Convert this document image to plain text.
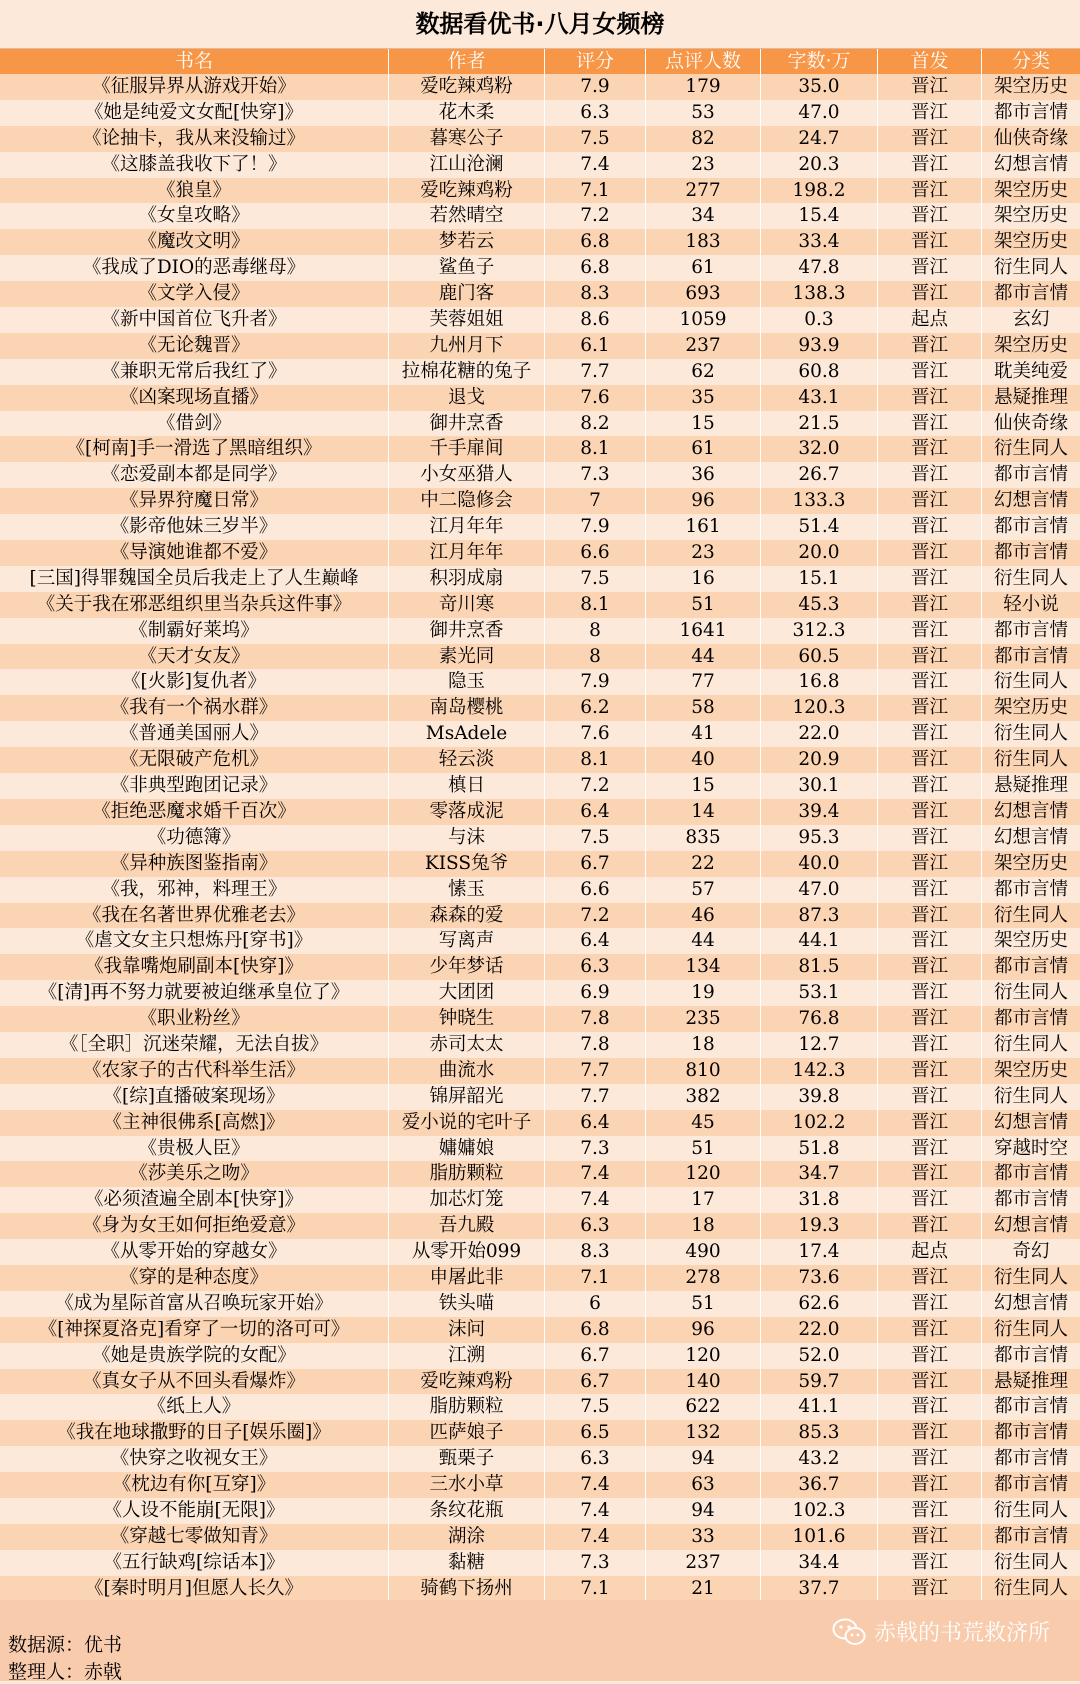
数据看优书·八月女频榜
书名	作者	评分	点评人数	字数·万	首发	分类
《征服异界从游戏开始》	爱吃辣鸡粉	7.9	179	35.0	晋江	架空历史
《她是纯爱文女配[快穿]》	花木柔	6.3	53	47.0	晋江	都市言情
《论抽卡，我从来没输过》	暮寒公子	7.5	82	24.7	晋江	仙侠奇缘
《这膝盖我收下了！》	江山沧澜	7.4	23	20.3	晋江	幻想言情
《狼皇》	爱吃辣鸡粉	7.1	277	198.2	晋江	架空历史
《女皇攻略》	若然晴空	7.2	34	15.4	晋江	架空历史
《魔改文明》	梦若云	6.8	183	33.4	晋江	架空历史
《我成了DIO的恶毒继母》	鲨鱼子	6.8	61	47.8	晋江	衍生同人
《文学入侵》	鹿门客	8.3	693	138.3	晋江	都市言情
《新中国首位飞升者》	芙蓉姐姐	8.6	1059	0.3	起点	玄幻
《无论魏晋》	九州月下	6.1	237	93.9	晋江	架空历史
《兼职无常后我红了》	拉棉花糖的兔子	7.7	62	60.8	晋江	耽美纯爱
《凶案现场直播》	退戈	7.6	35	43.1	晋江	悬疑推理
《借剑》	御井烹香	8.2	15	21.5	晋江	仙侠奇缘
《[柯南]手一滑选了黑暗组织》	千手扉间	8.1	61	32.0	晋江	衍生同人
《恋爱副本都是同学》	小女巫猎人	7.3	36	26.7	晋江	都市言情
《异界狩魔日常》	中二隐修会	7	96	133.3	晋江	幻想言情
《影帝他妹三岁半》	江月年年	7.9	161	51.4	晋江	都市言情
《导演她谁都不爱》	江月年年	6.6	23	20.0	晋江	都市言情
[三国]得罪魏国全员后我走上了人生巅峰	积羽成扇	7.5	16	15.1	晋江	衍生同人
《关于我在邪恶组织里当杂兵这件事》	竒川寒	8.1	51	45.3	晋江	轻小说
《制霸好莱坞》	御井烹香	8	1641	312.3	晋江	都市言情
《天才女友》	素光同	8	44	60.5	晋江	都市言情
《[火影]复仇者》	隐玉	7.9	77	16.8	晋江	衍生同人
《我有一个祸水群》	南岛樱桃	6.2	58	120.3	晋江	架空历史
《普通美国丽人》	MsAdele	7.6	41	22.0	晋江	衍生同人
《无限破产危机》	轻云淡	8.1	40	20.9	晋江	衍生同人
《非典型跑团记录》	槙日	7.2	15	30.1	晋江	悬疑推理
《拒绝恶魔求婚千百次》	零落成泥	6.4	14	39.4	晋江	幻想言情
《功德簿》	与沫	7.5	835	95.3	晋江	幻想言情
《异种族图鉴指南》	KISS兔爷	6.7	22	40.0	晋江	架空历史
《我，邪神，料理王》	愫玉	6.6	57	47.0	晋江	都市言情
《我在名著世界优雅老去》	森森的爱	7.2	46	87.3	晋江	衍生同人
《虐文女主只想炼丹[穿书]》	写离声	6.4	44	44.1	晋江	架空历史
《我靠嘴炮刷副本[快穿]》	少年梦话	6.3	134	81.5	晋江	都市言情
《[清]再不努力就要被迫继承皇位了》	大团团	6.9	19	53.1	晋江	衍生同人
《职业粉丝》	钟晓生	7.8	235	76.8	晋江	都市言情
《［全职］沉迷荣耀，无法自拔》	赤司太太	7.8	18	12.7	晋江	衍生同人
《农家子的古代科举生活》	曲流水	7.7	810	142.3	晋江	架空历史
《[综]直播破案现场》	锦屏韶光	7.7	382	39.8	晋江	衍生同人
《主神很佛系[高燃]》	爱小说的宅叶子	6.4	45	102.2	晋江	幻想言情
《贵极人臣》	嫞嫞娘	7.3	51	51.8	晋江	穿越时空
《莎美乐之吻》	脂肪颗粒	7.4	120	34.7	晋江	都市言情
《必须渣遍全剧本[快穿]》	加芯灯笼	7.4	17	31.8	晋江	都市言情
《身为女王如何拒绝爱意》	吾九殿	6.3	18	19.3	晋江	幻想言情
《从零开始的穿越女》	从零开始099	8.3	490	17.4	起点	奇幻
《穿的是种态度》	申屠此非	7.1	278	73.6	晋江	衍生同人
《成为星际首富从召唤玩家开始》	铁头喵	6	51	62.6	晋江	幻想言情
《[神探夏洛克]看穿了一切的洛可可》	沫问	6.8	96	22.0	晋江	衍生同人
《她是贵族学院的女配》	江溯	6.7	120	52.0	晋江	都市言情
《真女子从不回头看爆炸》	爱吃辣鸡粉	6.7	140	59.7	晋江	悬疑推理
《纸上人》	脂肪颗粒	7.5	622	41.1	晋江	都市言情
《我在地球撒野的日子[娱乐圈]》	匹萨娘子	6.5	132	85.3	晋江	都市言情
《快穿之收视女王》	甄栗子	6.3	94	43.2	晋江	都市言情
《枕边有你[互穿]》	三水小草	7.4	63	36.7	晋江	都市言情
《人设不能崩[无限]》	条纹花瓶	7.4	94	102.3	晋江	衍生同人
《穿越七零做知青》	湖涂	7.4	33	101.6	晋江	都市言情
《五行缺鸡[综话本]》	黏糖	7.3	237	34.4	晋江	衍生同人
《[秦时明月]但愿人长久》	骑鹤下扬州	7.1	21	37.7	晋江	衍生同人
数据源：优书
整理人：赤戟
赤戟的书荒救济所
